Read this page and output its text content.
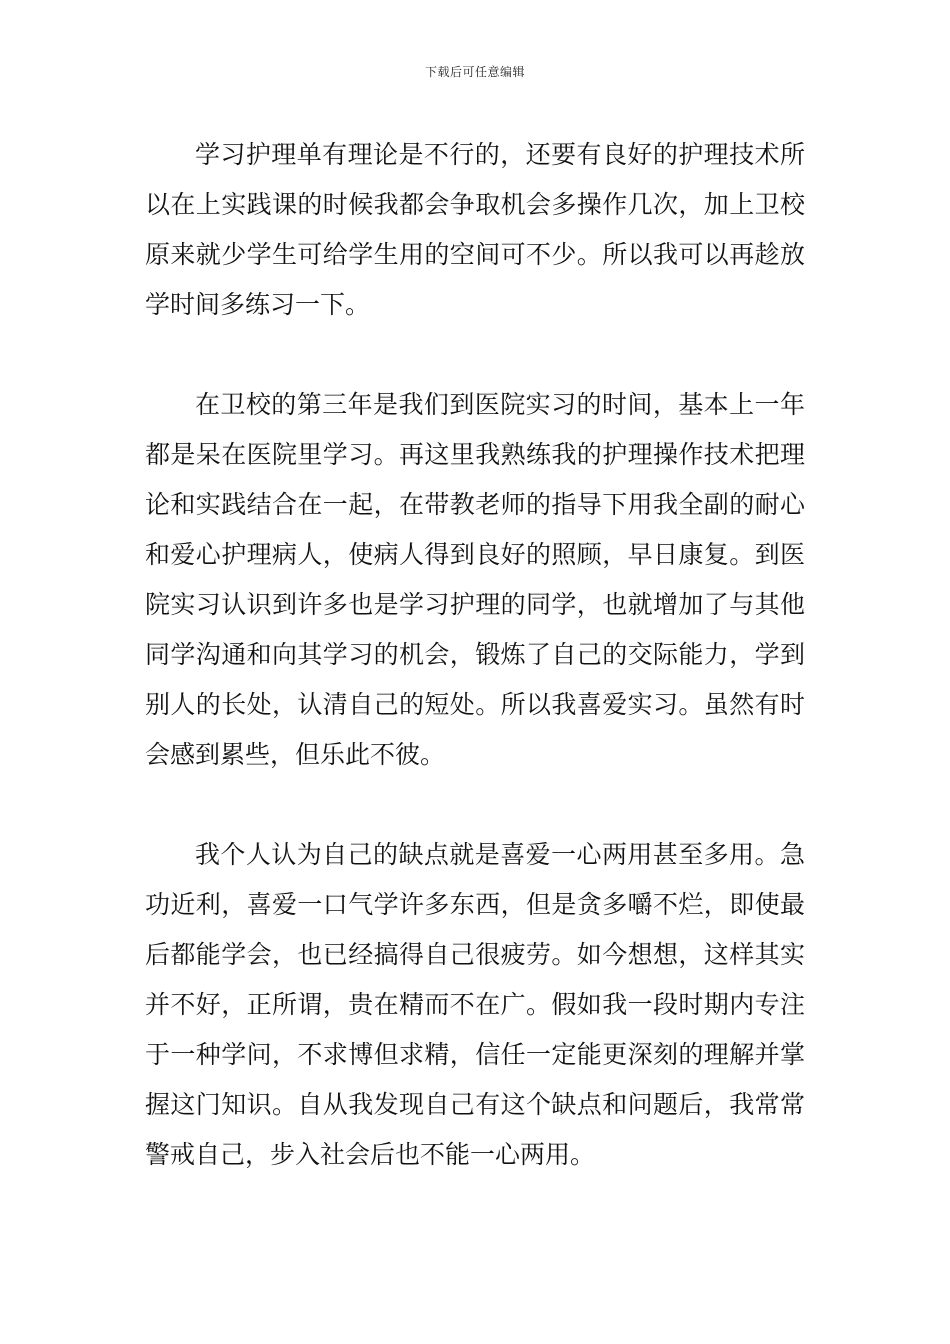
下载后可任意编辑

学习护理单有理论是不行的，还要有良好的护理技术所以在上实践课的时候我都会争取机会多操作几次，加上卫校原来就少学生可给学生用的空间可不少。所以我可以再趁放学时间多练习一下。

在卫校的第三年是我们到医院实习的时间，基本上一年都是呆在医院里学习。再这里我熟练我的护理操作技术把理论和实践结合在一起，在带教老师的指导下用我全副的耐心和爱心护理病人，使病人得到良好的照顾，早日康复。到医院实习认识到许多也是学习护理的同学，也就增加了与其他同学沟通和向其学习的机会，锻炼了自己的交际能力，学到别人的长处，认清自己的短处。所以我喜爱实习。虽然有时会感到累些，但乐此不彼。

我个人认为自己的缺点就是喜爱一心两用甚至多用。急功近利，喜爱一口气学许多东西，但是贪多嚼不烂，即使最后都能学会，也已经搞得自己很疲劳。如今想想，这样其实并不好，正所谓，贵在精而不在广。假如我一段时期内专注于一种学问，不求博但求精，信任一定能更深刻的理解并掌握这门知识。自从我发现自己有这个缺点和问题后，我常常警戒自己，步入社会后也不能一心两用。
